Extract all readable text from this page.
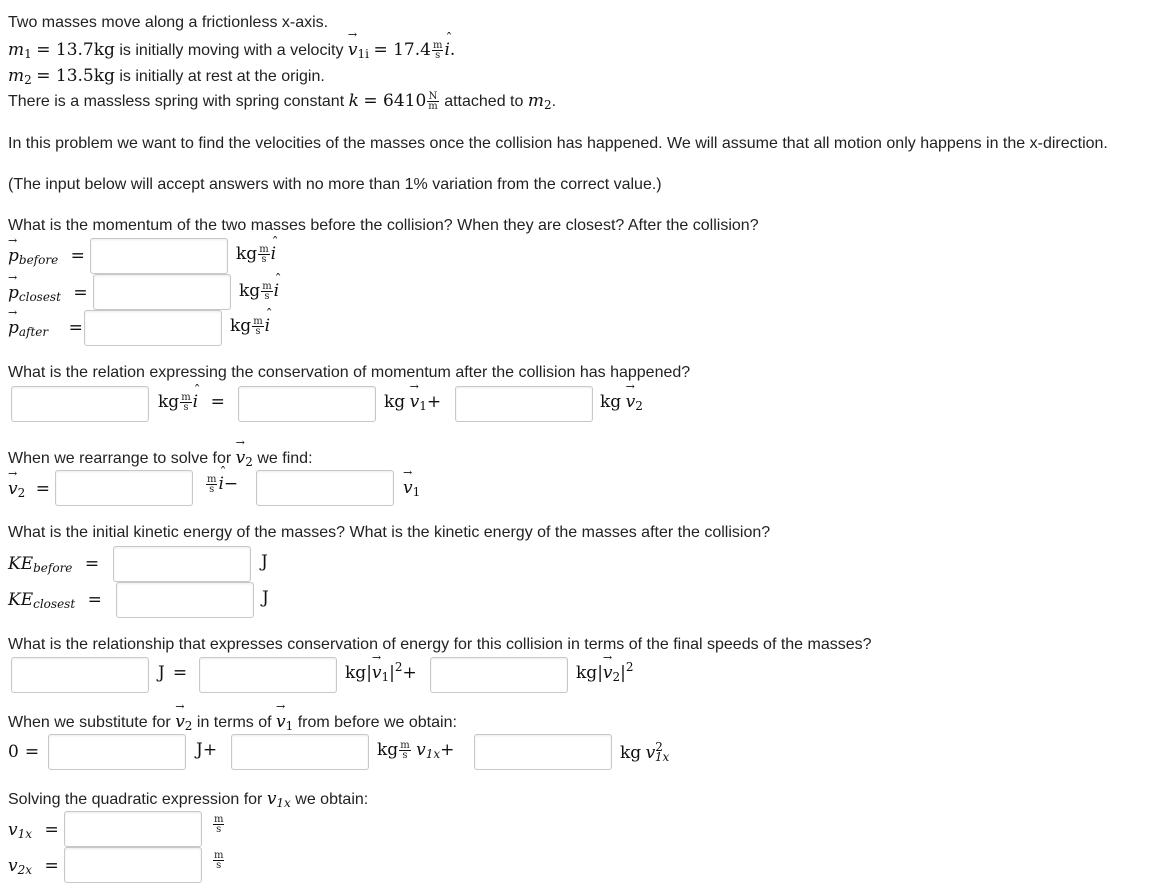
Two masses move along a frictionless x-axis.
$m_1 = 13.7kg$ is initially moving with a velocity → $v_{1i} = 17.4 \frac{m}{s}$ ˆ i.
$m_2 = 13.5kg$ is initially at rest at the origin.
There is a massless spring with spring constant $k = 6410 \frac{N}{m}$ attached to $m_2$.
In this problem we want to find the velocities of the masses once the collision has happened. We will assume that all motion only happens in the x-direction.
(The input below will accept answers with no more than 1% variation from the correct value.)
What is the momentum of the two masses before the collision? When they are closest? After the collision?
→ $p_{before}$ =	kg $\frac{m}{s}$ ˆ i
→ $p_{closest}$ =	kg $\frac{m}{s}$ ˆ i
→ $p_{after}$ =	kg $\frac{m}{s}$ ˆ i
What is the relation expressing the conservation of momentum after the collision has happened?
kg $\frac{m}{s}$ ˆ i =	kg → $v_1+$	kg → $v_2$
When we rearrange to solve for → $v_2$ we find:
→ $v_2$ =	$\frac{m}{s}$ ˆ i−	→ $v_1$
What is the initial kinetic energy of the masses? What is the kinetic energy of the masses after the collision?
$KE_{before}$ =	J
$KE_{closest}$ =	J
What is the relationship that expresses conservation of energy for this collision in terms of the final speeds of the masses?
J =	$kg|\to v_1|^2+$	$kg|\to v_2|^2$
When we substitute for → $v_2$ in terms of → $v_1$ from before we obtain:
0 =	J+	kg $\frac{m}{s} v_{1x}+$	kg $v^2_{1x}$
Solving the quadratic expression for $v_{1x}$ we obtain:
$v_{1x}$ =	$\frac{m}{s}$
$v_{2x}$ =	$\frac{m}{s}$
